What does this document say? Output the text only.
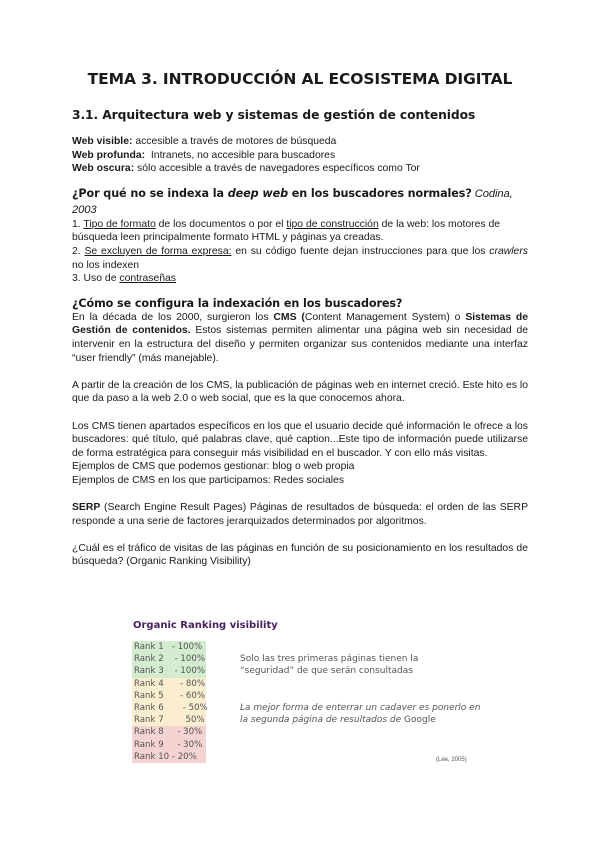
TEMA 3. INTRODUCCIÓN AL ECOSISTEMA DIGITAL
3.1. Arquitectura web y sistemas de gestión de contenidos
Web visible: accesible a través de motores de búsqueda
Web profunda:  Intranets, no accesible para buscadores
Web oscura: sólo accesible a través de navegadores específicos como Tor
¿Por qué no se indexa la deep web en los buscadores normales? Codina, 2003
1. Tipo de formato de los documentos o por el tipo de construcción de la web: los motores de búsqueda leen principalmente formato HTML y páginas ya creadas.
2. Se excluyen de forma expresa: en su código fuente dejan instrucciones para que los crawlers no los indexen
3. Uso de contraseñas
¿Cómo se configura la indexación en los buscadores?
En la década de los 2000, surgieron los CMS (Content Management System) o Sistemas de Gestión de contenidos. Estos sistemas permiten alimentar una página web sin necesidad de intervenir en la estructura del diseño y permiten organizar sus contenidos mediante una interfaz “user friendly” (más manejable).
A partir de la creación de los CMS, la publicación de páginas web en internet creció. Este hito es lo que da paso a la web 2.0 o web social, que es la que conocemos ahora.
Los CMS tienen apartados específicos en los que el usuario decide qué información le ofrece a los buscadores: qué título, qué palabras clave, qué caption...Este tipo de información puede utilizarse de forma estratégica para conseguir más visibilidad en el buscador. Y con ello más visitas.
Ejemplos de CMS que podemos gestionar: blog o web propia
Ejemplos de CMS en los que participamos: Redes sociales
SERP (Search Engine Result Pages) Páginas de resultados de búsqueda: el orden de las SERP responde a una serie de factores jerarquizados determinados por algoritmos.
¿Cuál es el tráfico de visitas de las páginas en función de su posicionamiento en los resultados de búsqueda? (Organic Ranking Visibility)
Organic Ranking visibility
Rank 1   - 100%
Rank 2    - 100%
Rank 3    - 100%
Rank 4      - 80%
Rank 5      - 60%
Rank 6       - 50%
Rank 7        50%
Rank 8     - 30%
Rank 9     - 30%
Rank 10 - 20%
Solo las tres primeras páginas tienen la “seguridad” de que serán consultadas
La mejor forma de enterrar un cadaver es ponerlo en la segunda página de resultados de Google
(Lee, 2005)
